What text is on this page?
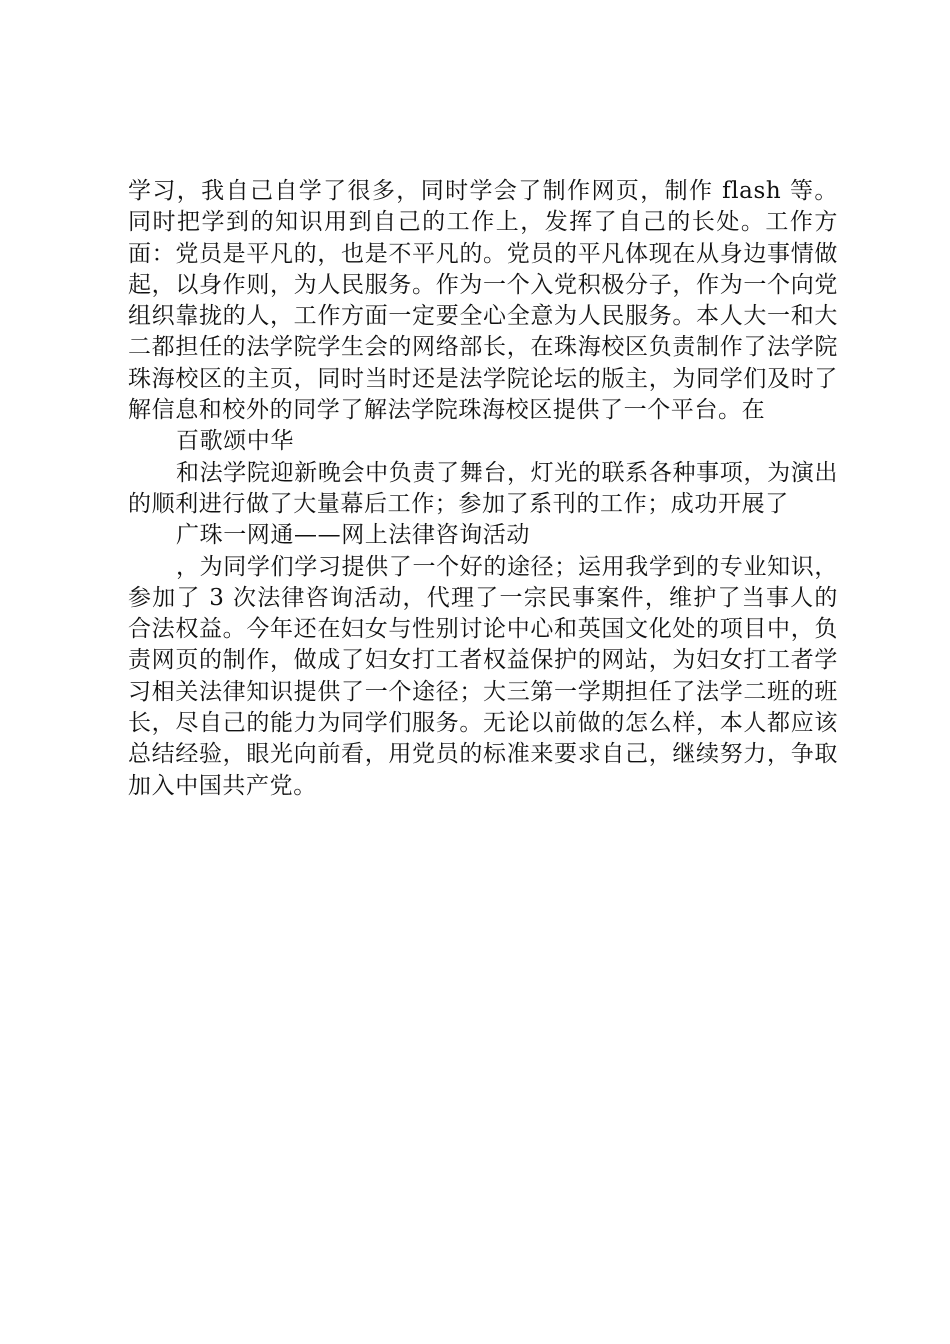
学习，我自己自学了很多，同时学会了制作网页，制作 flash 等。同时把学到的知识用到自己的工作上，发挥了自己的长处。工作方面：党员是平凡的，也是不平凡的。党员的平凡体现在从身边事情做起，以身作则，为人民服务。作为一个入党积极分子，作为一个向党组织靠拢的人，工作方面一定要全心全意为人民服务。本人大一和大二都担任的法学院学生会的网络部长，在珠海校区负责制作了法学院珠海校区的主页，同时当时还是法学院论坛的版主，为同学们及时了解信息和校外的同学了解法学院珠海校区提供了一个平台。在

百歌颂中华

和法学院迎新晚会中负责了舞台，灯光的联系各种事项，为演出的顺利进行做了大量幕后工作；参加了系刊的工作；成功开展了

广珠一网通——网上法律咨询活动

，为同学们学习提供了一个好的途径；运用我学到的专业知识，参加了 3 次法律咨询活动，代理了一宗民事案件，维护了当事人的合法权益。今年还在妇女与性别讨论中心和英国文化处的项目中，负责网页的制作，做成了妇女打工者权益保护的网站，为妇女打工者学习相关法律知识提供了一个途径；大三第一学期担任了法学二班的班长，尽自己的能力为同学们服务。无论以前做的怎么样，本人都应该总结经验，眼光向前看，用党员的标准来要求自己，继续努力，争取加入中国共产党。
